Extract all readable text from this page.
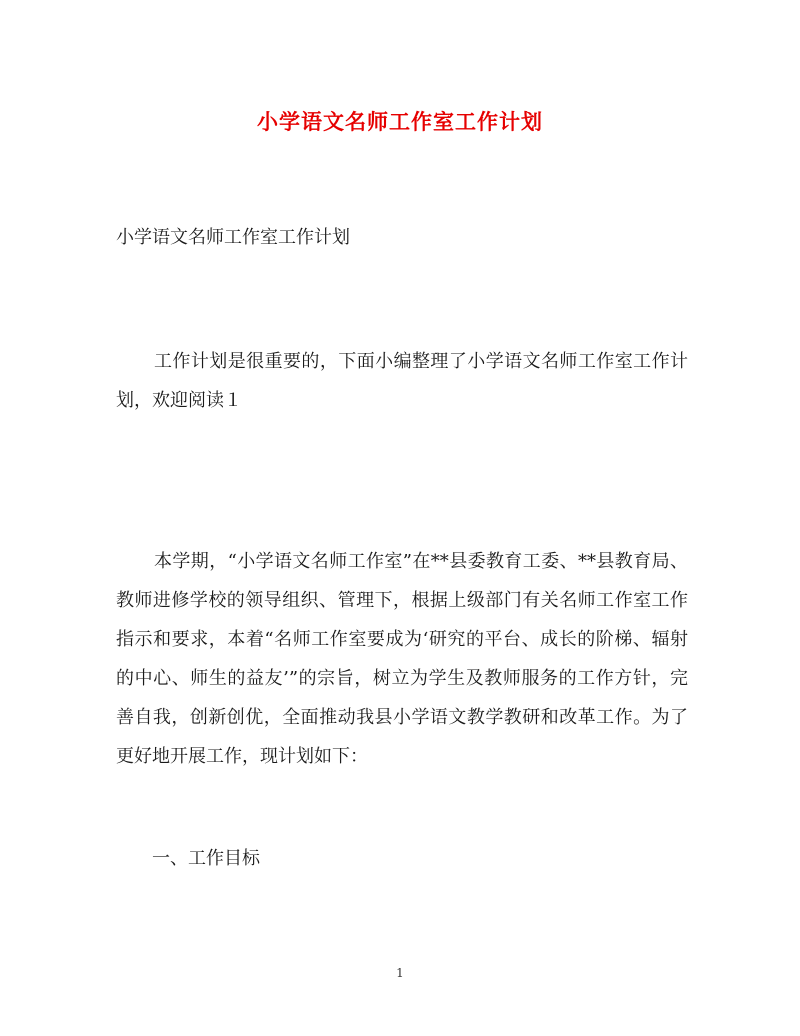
小学语文名师工作室工作计划
小学语文名师工作室工作计划
工作计划是很重要的，下面小编整理了小学语文名师工作室工作计划，欢迎阅读１
本学期，“小学语文名师工作室”在**县委教育工委、**县教育局、教师进修学校的领导组织、管理下，根据上级部门有关名师工作室工作指示和要求，本着“名师工作室要成为‘研究的平台、成长的阶梯、辐射的中心、师生的益友’”的宗旨，树立为学生及教师服务的工作方针，完善自我，创新创优，全面推动我县小学语文教学教研和改革工作。为了更好地开展工作，现计划如下：
一、工作目标
1
